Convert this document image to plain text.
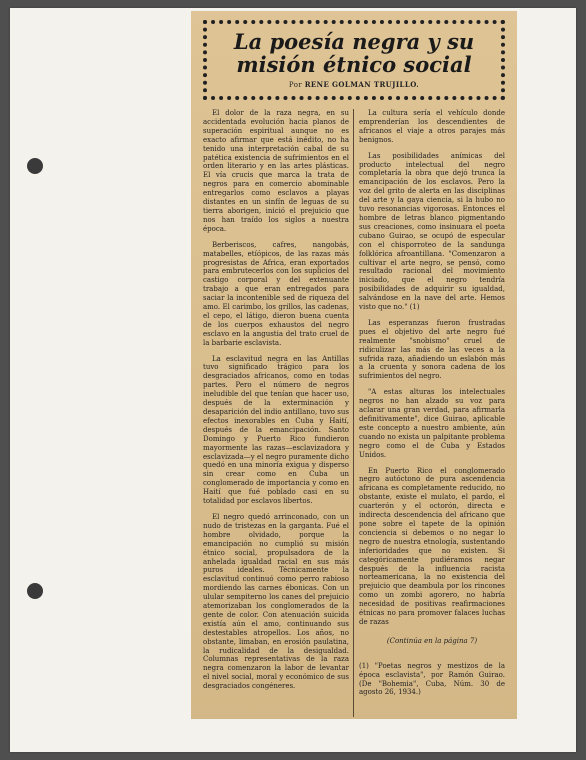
La poesía negra y su misión étnico social
Por RENE GOLMAN TRUJILLO.

El dolor de la raza negra, en su accidentada evolución hacia planos de superación espiritual aunque no es exacto afirmar que está inédito, no ha tenido una interpretación cabal de su patética existencia de sufrimientos en el orden literario y en las artes plásticas. El vía crucis que marca la trata de negros para en comercio abominable entregarlos como esclavos a playas distantes en un sinfín de leguas de su tierra aborigen, inició el prejuicio que nos han traído los siglos a nuestra época.

Berberiscos, cafres, nangobás, matabelles, etíópicos, de las razas más progresistas de Africa, eran exportados para embrutecerlos con los suplicios del castigo corporal y del extenuante trabajo a que eran entregados para saciar la incontenible sed de riqueza del amo. El carimbo, los grillos, las cadenas, el cepo, el látigo, dieron buena cuenta de los cuerpos exhaustos del negro esclavo en la angustia del trato cruel de la barbarie esclavista.

La esclavitud negra en las Antillas tuvo significado trágico para los desgraciados africanos, como en todas partes. Pero el número de negros ineludible del que tenían que hacer uso, después de la exterminación y desaparición del indio antillano, tuvo sus efectos inexorables en Cuba y Haití, después de la emancipación. Santo Domingo y Puerto Rico fundieron mayormente las razas—esclavizadora y esclavizada—y el negro puramente dicho quedó en una minoría exigua y disperso sin crear como en Cuba un conglomerado de importancia y como en Haití que fué poblado casi en su totalidad por esclavos libertos.

El negro quedó arrinconado, con un nudo de tristezas en la garganta. Fué el hombre olvidado, porque la emancipación no cumplió su misión étnico social, propulsadora de la anhelada igualdad racial en sus más puros ideales. Técnicamente la esclavitud continuó como perro rabioso mordiendo las carnes ébonicas. Con un ulular sempiterno los canes del prejuicio atemorizaban los conglomerados de la gente de color. Con atenuación suicida existía aún el amo, continuando sus destestables atropellos. Los años, no obstante, limaban, en erosión paulatina, la rudicalidad de la desigualdad. Columnas representativas de la raza negra comenzaron la labor de levantar el nivel social, moral y económico de sus desgraciados congéneres.

La cultura sería el vehículo donde emprenderían los descendientes de africanos el viaje a otros parajes más benignos.

Las posibilidades anímicas del producto intelectual del negro completaría la obra que dejó trunca la emancipación de los esclavos. Pero la voz del grito de alerta en las disciplinas del arte y la gaya ciencia, si la hubo no tuvo resonancias vigorosas. Entonces el hombre de letras blanco pigmentando sus creaciones, como insinuara el poeta cubano Guirao, se ocupó de especular con el chisporroteo de la sandunga folklórica afroantillana. "Comenzaron a cultivar el arte negro, se pensó, como resultado racional del movimiento iniciado, que el negro tendría posibilidades de adquirir su igualdad, salvándose en la nave del arte. Hemos visto que no." (1)

Las esperanzas fueron frustradas pues el objetivo del arte negro fué realmente "snobismo" cruel de ridiculizar las más de las veces a la sufrida raza, añadiendo un eslabón más a la cruenta y sonora cadena de los sufrimientos del negro.

"A estas alturas los intelectuales negros no han alzado su voz para aclarar una gran verdad, para afirmarla definitivamente", dice Guirao, aplicable este concepto a nuestro ambiente, aún cuando no exista un palpitante problema negro como el de Cuba y Estados Unidos.

En Puerto Rico el conglomerado negro autóctono de pura ascendencia africana es completamente reducido, no obstante, existe el mulato, el pardo, el cuarterón y el octorón, directa e indirecta descendencia del africano que pone sobre el tapete de la opinión conciencia si debemos o no negar lo negro de nuestra etnología, sustentando inferioridades que no existen. Si categóricamente pudiéramos negar después de la influencia racista norteamericana, la no existencia del prejuicio que deambula por los rincones como un zombi agorero, no habría necesidad de positivas reafirmaciones étnicas no para promover falaces luchas de razas

(Continúa en la página 7)

(1) "Poetas negros y mestizos de la época esclavista", por Ramón Guirao. (De "Bohemia", Cuba, Núm. 30 de agosto 26, 1934.)
